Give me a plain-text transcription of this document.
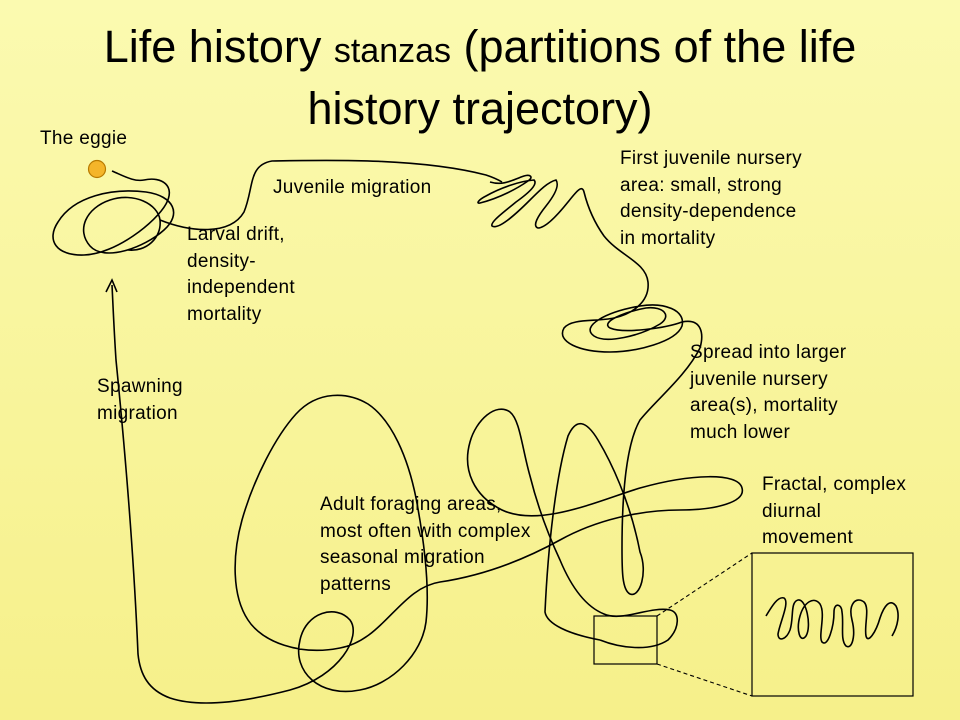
Life history stanzas (partitions of the life history trajectory)
The eggie
Juvenile migration
Larval drift,
density-
independent
mortality
First juvenile nursery
area: small, strong
density-dependence
in mortality
Spread into larger
juvenile nursery
area(s), mortality
much lower
Spawning
migration
Adult foraging areas,
most often with complex
seasonal migration
patterns
Fractal, complex
diurnal
movement
